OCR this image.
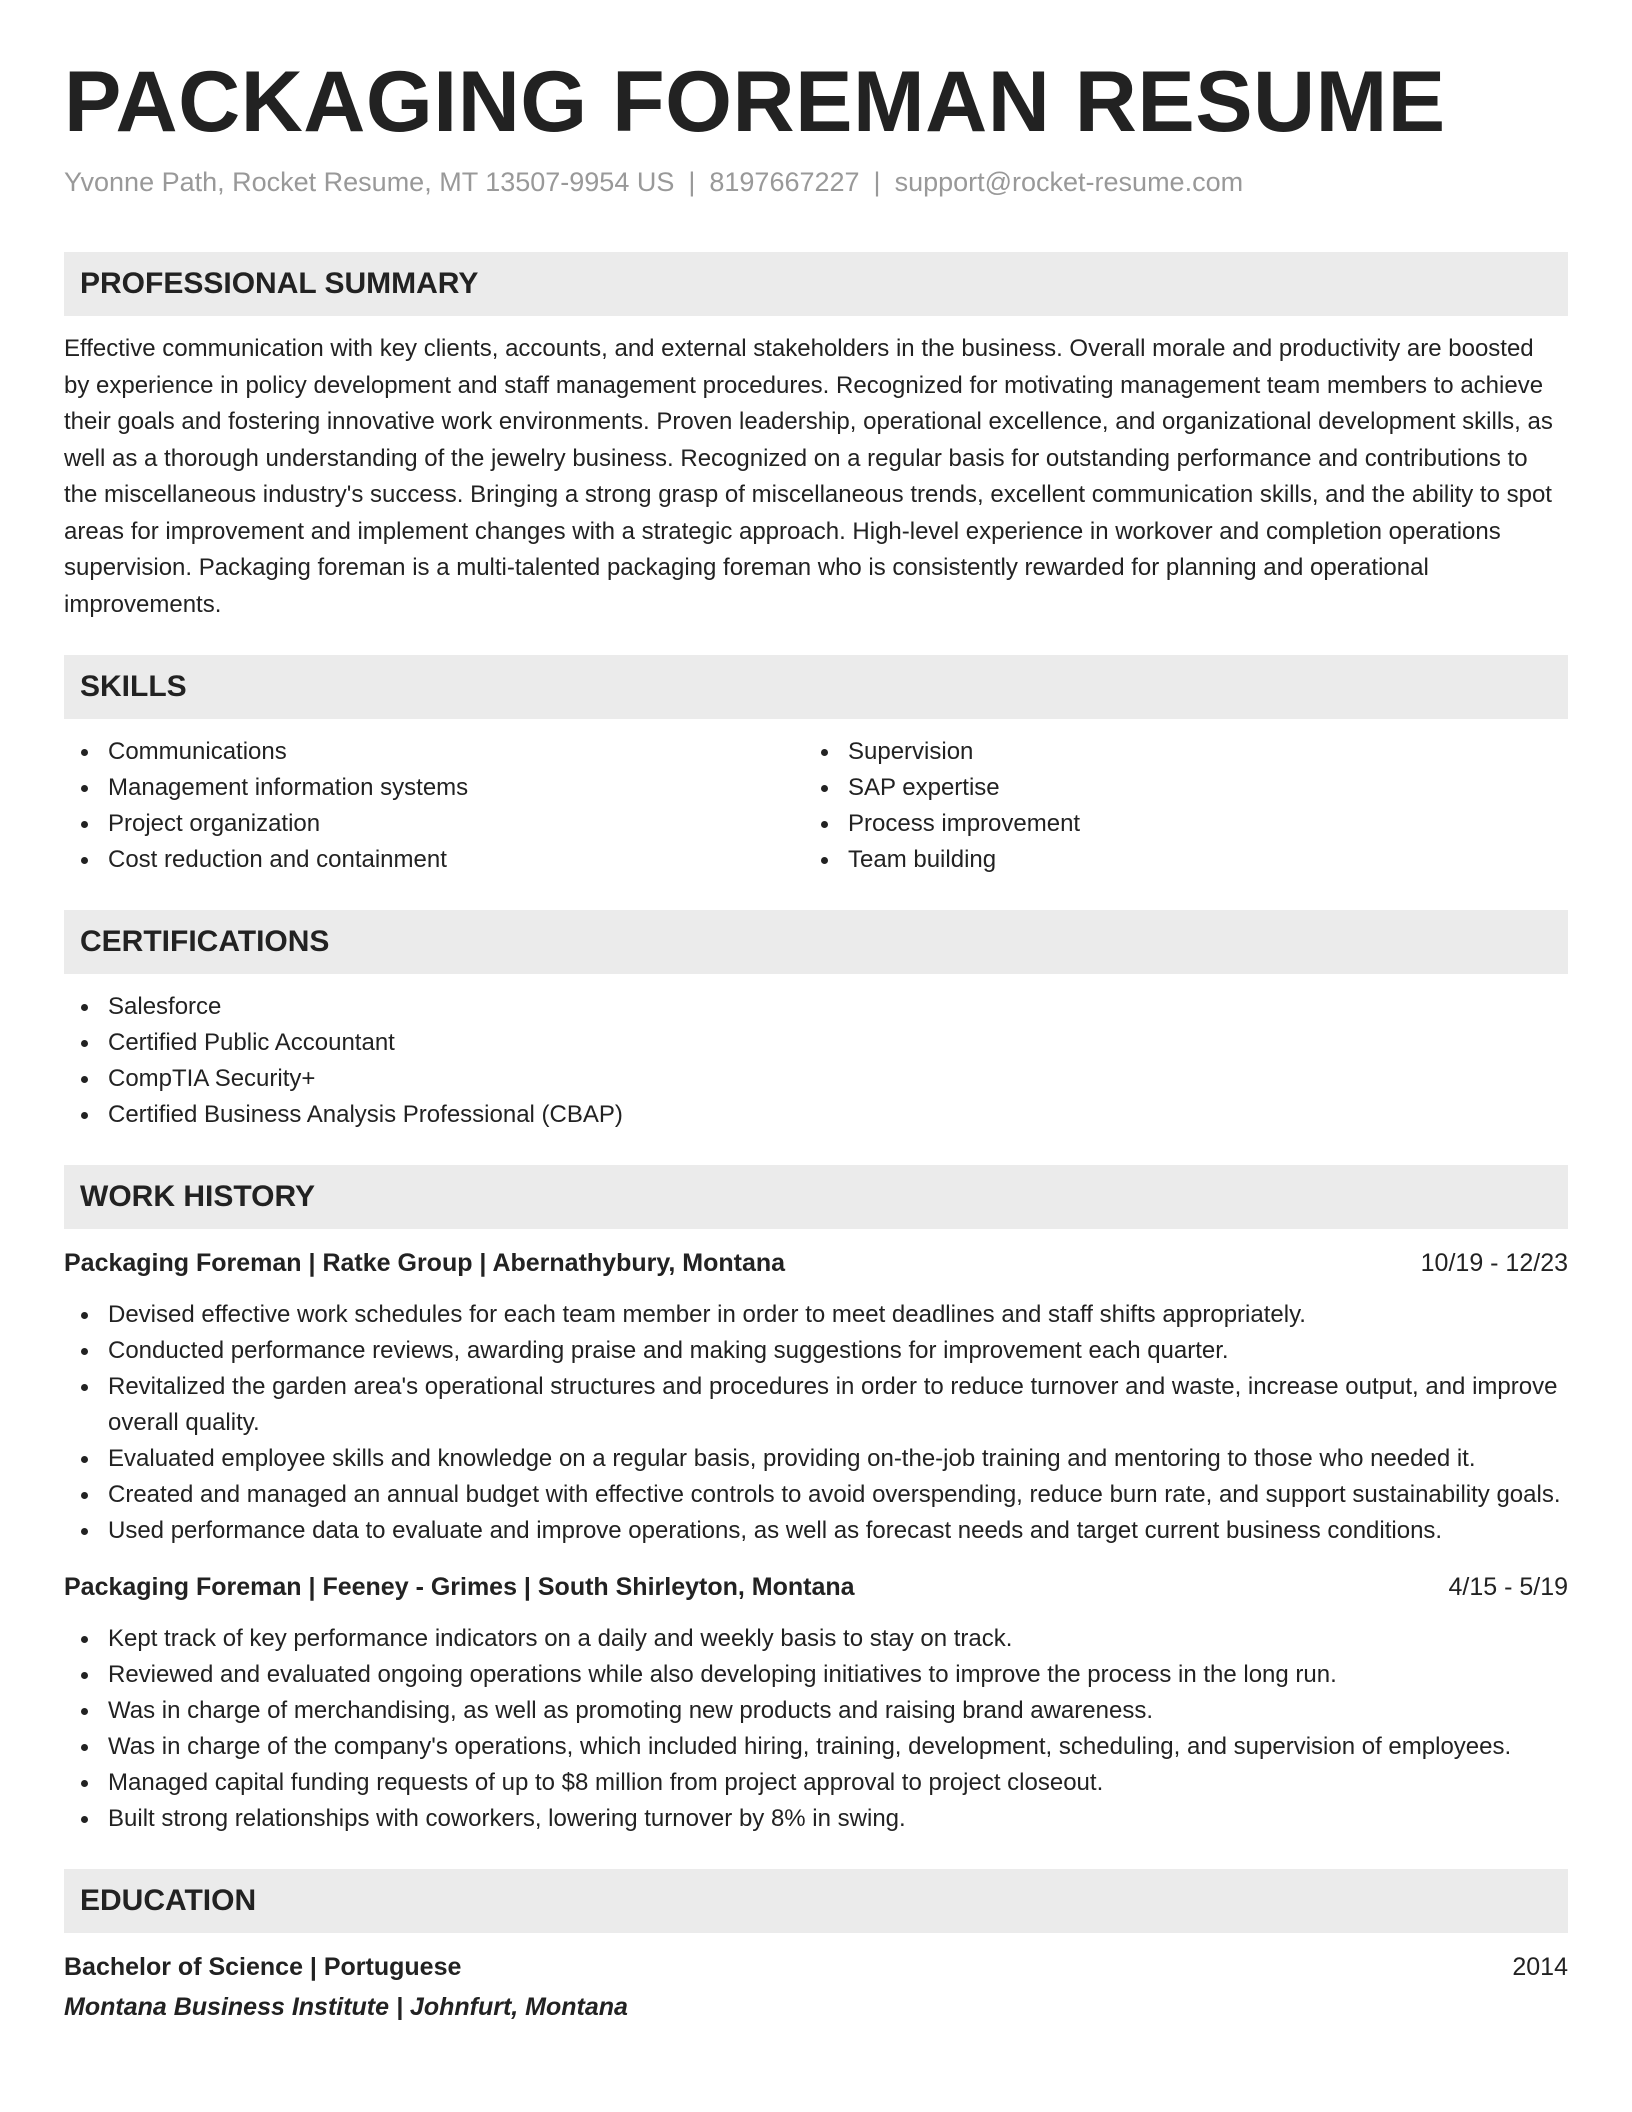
PACKAGING FOREMAN RESUME
Yvonne Path, Rocket Resume, MT 13507-9954 US | 8197667227 | support@rocket-resume.com
PROFESSIONAL SUMMARY

Effective communication with key clients, accounts, and external stakeholders in the business. Overall morale and productivity are boosted by experience in policy development and staff management procedures. Recognized for motivating management team members to achieve their goals and fostering innovative work environments. Proven leadership, operational excellence, and organizational development skills, as well as a thorough understanding of the jewelry business. Recognized on a regular basis for outstanding performance and contributions to the miscellaneous industry's success. Bringing a strong grasp of miscellaneous trends, excellent communication skills, and the ability to spot areas for improvement and implement changes with a strategic approach. High-level experience in workover and completion operations supervision. Packaging foreman is a multi-talented packaging foreman who is consistently rewarded for planning and operational improvements.

SKILLS
Communications
Management information systems
Project organization
Cost reduction and containment
Supervision
SAP expertise
Process improvement
Team building
CERTIFICATIONS
Salesforce
Certified Public Accountant
CompTIA Security+
Certified Business Analysis Professional (CBAP)
WORK HISTORY
Packaging Foreman | Ratke Group | Abernathybury, Montana	10/19 - 12/23
Devised effective work schedules for each team member in order to meet deadlines and staff shifts appropriately.
Conducted performance reviews, awarding praise and making suggestions for improvement each quarter.
Revitalized the garden area's operational structures and procedures in order to reduce turnover and waste, increase output, and improve overall quality.
Evaluated employee skills and knowledge on a regular basis, providing on-the-job training and mentoring to those who needed it.
Created and managed an annual budget with effective controls to avoid overspending, reduce burn rate, and support sustainability goals.
Used performance data to evaluate and improve operations, as well as forecast needs and target current business conditions.
Packaging Foreman | Feeney - Grimes | South Shirleyton, Montana	4/15 - 5/19
Kept track of key performance indicators on a daily and weekly basis to stay on track.
Reviewed and evaluated ongoing operations while also developing initiatives to improve the process in the long run.
Was in charge of merchandising, as well as promoting new products and raising brand awareness.
Was in charge of the company's operations, which included hiring, training, development, scheduling, and supervision of employees.
Managed capital funding requests of up to $8 million from project approval to project closeout.
Built strong relationships with coworkers, lowering turnover by 8% in swing.
EDUCATION
Bachelor of Science | Portuguese	2014
Montana Business Institute | Johnfurt, Montana
